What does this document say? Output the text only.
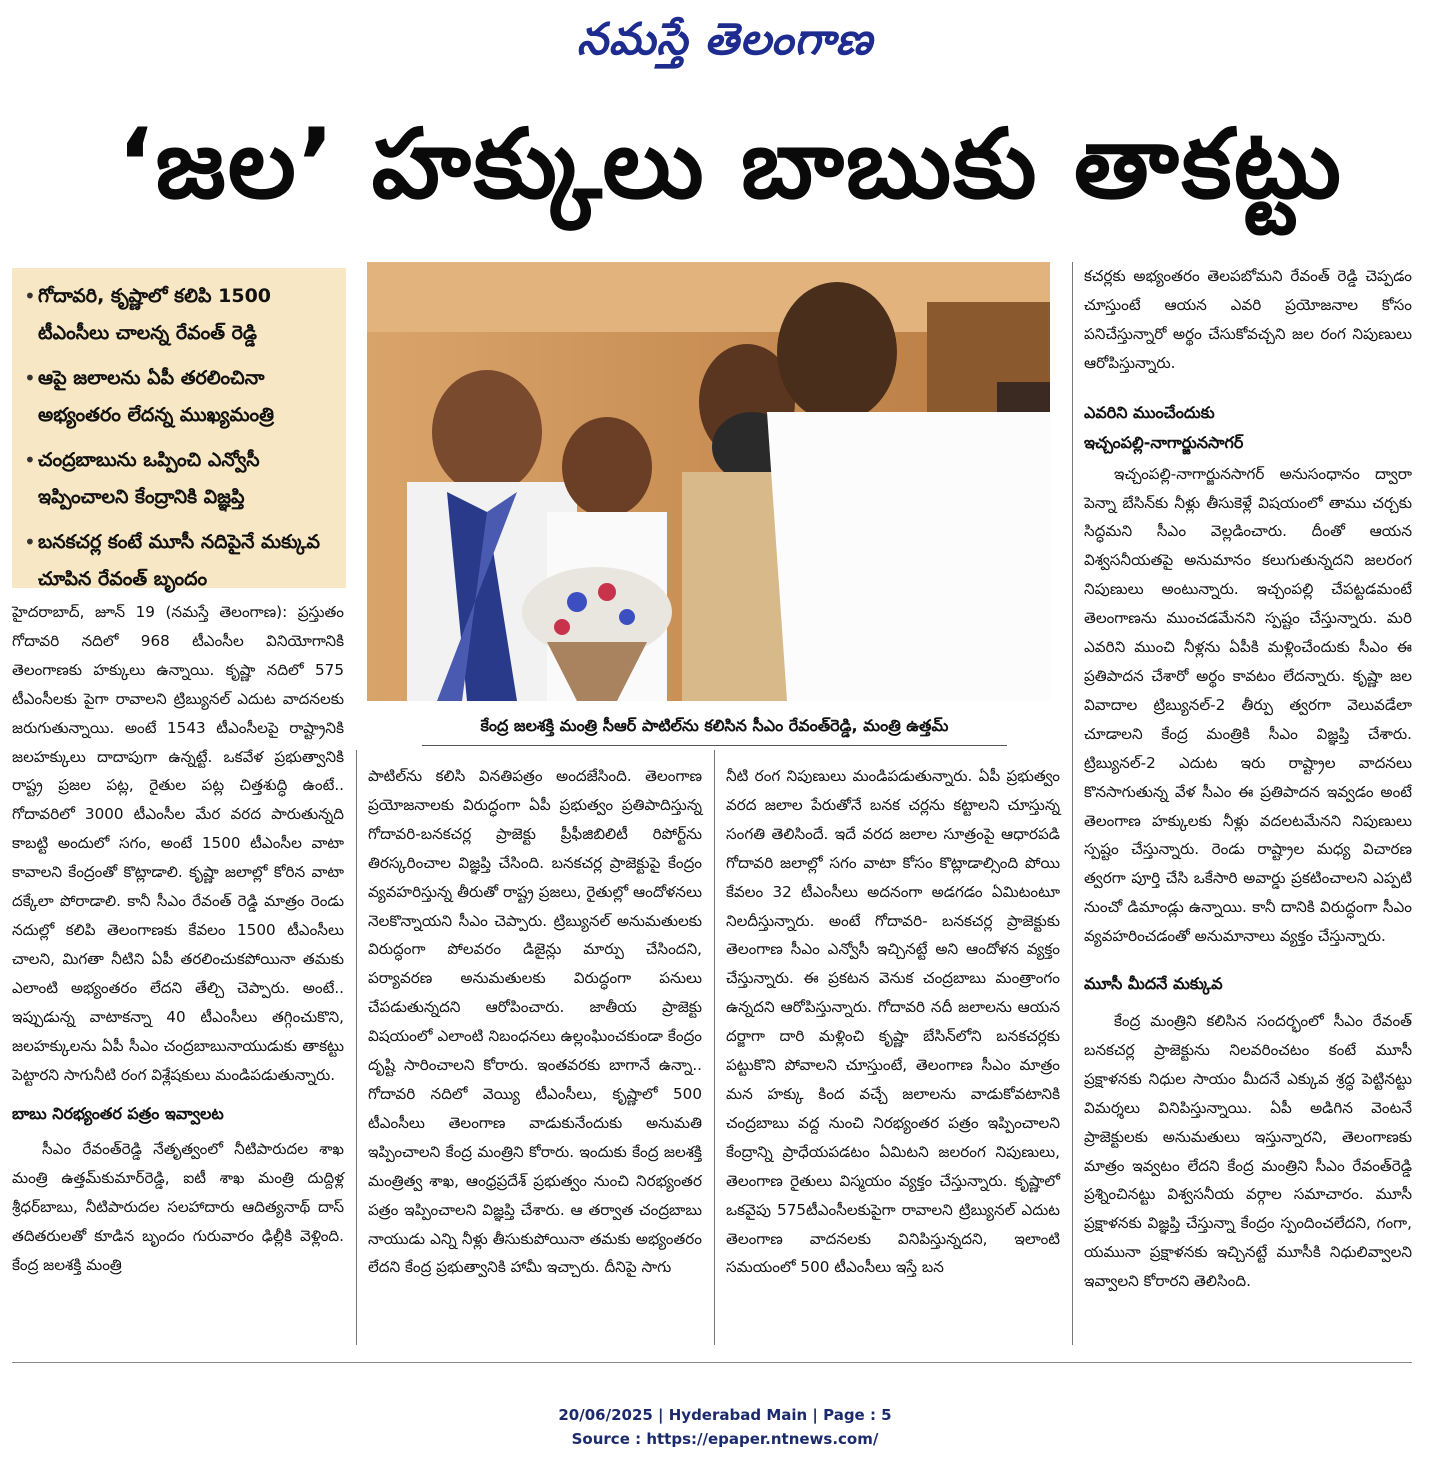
నమస్తే తెలంగాణ
‘జల’ హక్కులు బాబుకు తాకట్టు
• గోదావరి, కృష్ణాలో కలిపి 1500 టీఎంసీలు చాలన్న రేవంత్‌ రెడ్డి
• ఆపై జలాలను ఏపీ తరలించినా అభ్యంతరం లేదన్న ముఖ్యమంత్రి
• చంద్రబాబును ఒప్పించి ఎన్వోసీ ఇప్పించాలని కేంద్రానికి విజ్ఞప్తి
• బనకచర్ల కంటే మూసీ నదిపైనే మక్కువ చూపిన రేవంత్‌ బృందం
కేంద్ర జలశక్తి మంత్రి సీఆర్‌ పాటిల్‌ను కలిసిన సీఎం రేవంత్‌రెడ్డి, మంత్రి ఉత్తమ్‌

హైదరాబాద్‌, జూన్‌ 19 (నమస్తే తెలంగాణ): ప్రస్తుతం గోదావరి నదిలో 968 టీఎంసీల వినియోగానికి తెలంగాణకు హక్కులు ఉన్నాయి. కృష్ణా నదిలో 575 టీఎంసీలకు పైగా రావాలని ట్రిబ్యునల్‌ ఎదుట వాదనలకు జరుగుతున్నాయి. అంటే 1543 టీఎంసీలపై రాష్ట్రానికి జలహక్కులు దాదాపుగా ఉన్నట్టే. ఒకవేళ ప్రభుత్వానికి రాష్ట్ర ప్రజల పట్ల, రైతుల పట్ల చిత్తశుద్ధి ఉంటే.. గోదావరిలో 3000 టీఎంసీల మేర వరద పారుతున్నది కాబట్టి అందులో సగం, అంటే 1500 టీఎంసీల వాటా కావాలని కేంద్రంతో కొట్లాడాలి. కృష్ణా జలాల్లో కోరిన వాటా దక్కేలా పోరాడాలి. కానీ సీఎం రేవంత్‌ రెడ్డి మాత్రం రెండు నదుల్లో కలిపి తెలంగాణకు కేవలం 1500 టీఎంసీలు చాలని, మిగతా నీటిని ఏపీ తరలించుకపోయినా తమకు ఎలాంటి అభ్యంతరం లేదని తేల్చి చెప్పారు. అంటే.. ఇప్పుడున్న వాటాకన్నా 40 టీఎంసీలు తగ్గించుకొని, జలహక్కులను ఏపీ సీఎం చంద్రబాబునాయుడుకు తాకట్టు పెట్టారని సాగునీటి రంగ విశ్లేషకులు మండిపడుతున్నారు.

బాబు నిరభ్యంతర పత్రం ఇవ్వాలట

సీఎం రేవంత్‌రెడ్డి నేతృత్వంలో నీటిపారుదల శాఖ మంత్రి ఉత్తమ్‌కుమార్‌రెడ్డి, ఐటీ శాఖ మంత్రి దుద్దిళ్ల శ్రీధర్‌బాబు, నీటిపారుదల సలహాదారు ఆదిత్యనాథ్‌ దాస్‌ తదితరులతో కూడిన బృందం గురువారం ఢిల్లీకి వెళ్లింది. కేంద్ర జలశక్తి మంత్రి

పాటిల్‌ను కలిసి వినతిపత్రం అందజేసింది. తెలంగాణ ప్రయోజనాలకు విరుద్ధంగా ఏపీ ప్రభుత్వం ప్రతిపాదిస్తున్న గోదావరి-బనకచర్ల ప్రాజెక్టు ప్రీఫీజిబిలిటీ రిపోర్ట్‌ను తిరస్కరించాల విజ్ఞప్తి చేసింది. బనకచర్ల ప్రాజెక్టుపై కేంద్రం వ్యవహరిస్తున్న తీరుతో రాష్ట్ర ప్రజలు, రైతుల్లో ఆందోళనలు నెలకొన్నాయని సీఎం చెప్పారు. ట్రిబ్యునల్‌ అనుమతులకు విరుద్ధంగా పోలవరం డిజైన్లు మార్పు చేసిందని, పర్యావరణ అనుమతులకు విరుద్ధంగా పనులు చేపడుతున్నదని ఆరోపించారు. జాతీయ ప్రాజెక్టు విషయంలో ఎలాంటి నిబంధనలు ఉల్లంఘించకుండా కేంద్రం దృష్టి సారించాలని కోరారు. ఇంతవరకు బాగానే ఉన్నా.. గోదావరి నదిలో వెయ్యి టీఎంసీలు, కృష్ణాలో 500 టీఎంసీలు తెలంగాణ వాడుకునేందుకు అనుమతి ఇప్పించాలని కేంద్ర మంత్రిని కోరారు. ఇందుకు కేంద్ర జలశక్తి మంత్రిత్వ శాఖ, ఆంధ్రప్రదేశ్‌ ప్రభుత్వం నుంచి నిరభ్యంతర పత్రం ఇప్పించాలని విజ్ఞప్తి చేశారు. ఆ తర్వాత చంద్రబాబు నాయుడు ఎన్ని నీళ్లు తీసుకుపోయినా తమకు అభ్యంతరం లేదని కేంద్ర ప్రభుత్వానికి హామీ ఇచ్చారు. దీనిపై సాగు

నీటి రంగ నిపుణులు మండిపడుతున్నారు. ఏపీ ప్రభుత్వం వరద జలాల పేరుతోనే బనక చర్లను కట్టాలని చూస్తున్న సంగతి తెలిసిందే. ఇదే వరద జలాల సూత్రంపై ఆధారపడి గోదావరి జలాల్లో సగం వాటా కోసం కొట్లాడాల్సింది పోయి కేవలం 32 టీఎంసీలు అదనంగా అడగడం ఏమిటంటూ నిలదీస్తున్నారు. అంటే గోదావరి- బనకచర్ల ప్రాజెక్టుకు తెలంగాణ సీఎం ఎన్వోసీ ఇచ్చినట్టే అని ఆందోళన వ్యక్తం చేస్తున్నారు. ఈ ప్రకటన వెనుక చంద్రబాబు మంత్రాంగం ఉన్నదని ఆరోపిస్తున్నారు. గోదావరి నదీ జలాలను ఆయన దర్జాగా దారి మళ్లించి కృష్ణా బేసిన్‌లోని బనకచర్లకు పట్టుకొని పోవాలని చూస్తుంటే, తెలంగాణ సీఎం మాత్రం మన హక్కు కింద వచ్చే జలాలను వాడుకోవటానికి చంద్రబాబు వద్ద నుంచి నిరభ్యంతర పత్రం ఇప్పించాలని కేంద్రాన్ని ప్రాధేయపడటం ఏమిటని జలరంగ నిపుణులు, తెలంగాణ రైతులు విస్మయం వ్యక్తం చేస్తున్నారు. కృష్ణాలో ఒకవైపు 575టీఎంసీలకుపైగా రావాలని ట్రిబ్యునల్‌ ఎదుట తెలంగాణ వాదనలకు వినిపిస్తున్నదని, ఇలాంటి సమయంలో 500 టీఎంసీలు ఇస్తే బన

కచర్లకు అభ్యంతరం తెలపబోమని రేవంత్‌ రెడ్డి చెప్పడం చూస్తుంటే ఆయన ఎవరి ప్రయోజనాల కోసం పనిచేస్తున్నారో అర్థం చేసుకోవచ్చని జల రంగ నిపుణులు ఆరోపిస్తున్నారు.

ఎవరిని ముంచేందుకు
ఇచ్చంపల్లి-నాగార్జునసాగర్‌

ఇచ్చంపల్లి-నాగార్జునసాగర్‌ అనుసంధానం ద్వారా పెన్నా బేసిన్‌కు నీళ్లు తీసుకెళ్లే విషయంలో తాము చర్చకు సిద్ధమని సీఎం వెల్లడించారు. దీంతో ఆయన విశ్వసనీయతపై అనుమానం కలుగుతున్నదని జలరంగ నిపుణులు అంటున్నారు. ఇచ్చంపల్లి చేపట్టడమంటే తెలంగాణను ముంచడమేనని స్పష్టం చేస్తున్నారు. మరి ఎవరిని ముంచి నీళ్లను ఏపీకి మళ్లించేందుకు సీఎం ఈ ప్రతిపాదన చేశారో అర్థం కావటం లేదన్నారు. కృష్ణా జల వివాదాల ట్రిబ్యునల్‌-2 తీర్పు త్వరగా వెలువడేలా చూడాలని కేంద్ర మంత్రికి సీఎం విజ్ఞప్తి చేశారు. ట్రిబ్యునల్‌-2 ఎదుట ఇరు రాష్ట్రాల వాదనలు కొనసాగుతున్న వేళ సీఎం ఈ ప్రతిపాదన ఇవ్వడం అంటే తెలంగాణ హక్కులకు నీళ్లు వదలటమేనని నిపుణులు స్పష్టం చేస్తున్నారు. రెండు రాష్ట్రాల మధ్య విచారణ త్వరగా పూర్తి చేసి ఒకేసారి అవార్డు ప్రకటించాలని ఎప్పటి నుంచో డిమాండ్లు ఉన్నాయి. కానీ దానికి విరుద్ధంగా సీఎం వ్యవహరించడంతో అనుమానాలు వ్యక్తం చేస్తున్నారు.

మూసీ మీదనే మక్కువ

కేంద్ర మంత్రిని కలిసిన సందర్భంలో సీఎం రేవంత్‌ బనకచర్ల ప్రాజెక్టును నిలవరించటం కంటే మూసీ ప్రక్షాళనకు నిధుల సాయం మీదనే ఎక్కువ శ్రద్ధ పెట్టినట్టు విమర్శలు వినిపిస్తున్నాయి. ఏపీ అడిగిన వెంటనే ప్రాజెక్టులకు అనుమతులు ఇస్తున్నారని, తెలంగాణకు మాత్రం ఇవ్వటం లేదని కేంద్ర మంత్రిని సీఎం రేవంత్‌రెడ్డి ప్రశ్నించినట్టు విశ్వసనీయ వర్గాల సమాచారం. మూసీ ప్రక్షాళనకు విజ్ఞప్తి చేస్తున్నా కేంద్రం స్పందించలేదని, గంగా, యమునా ప్రక్షాళనకు ఇచ్చినట్టే మూసీకి నిధులివ్వాలని ఇవ్వాలని కోరారని తెలిసింది.

20/06/2025 | Hyderabad Main | Page : 5
Source : https://epaper.ntnews.com/
